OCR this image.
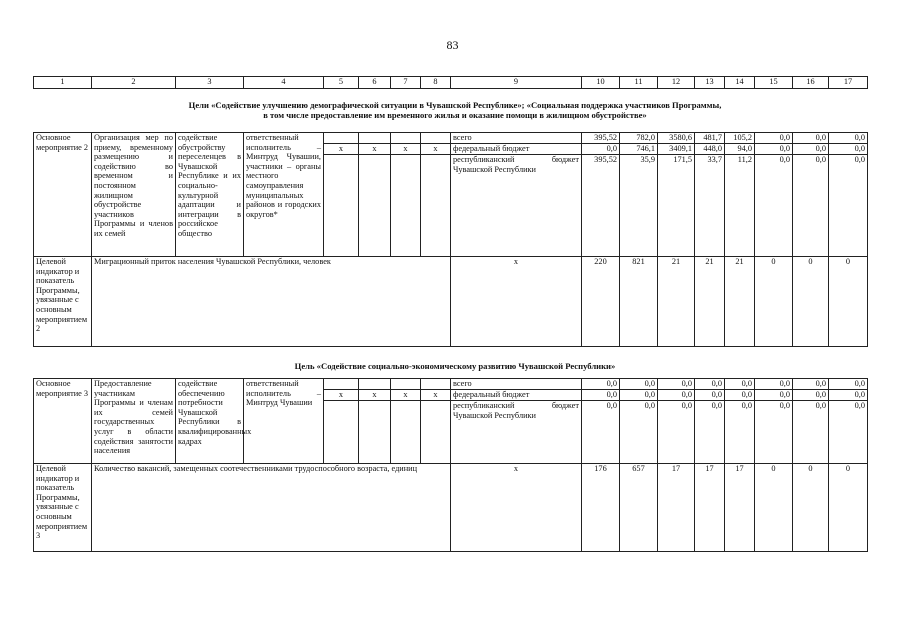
83
1	2	3	4	5	6	7	8	9	10	11	12	13	14	15	16	17
Цели «Содействие улучшению демографической ситуации в Чувашской Республике»; «Социальная поддержка участников Программы,
в том числе предоставление им временного жилья и оказание помощи в жилищном обустройстве»
Основное мероприятие 2	Организация мер по приему, временному размещению и содействию во временном и постоянном жилищном обустройстве участников Программы и членов их семей	содействие обустройству переселенцев в Чувашской Республике и их социально-культурной адаптации и интеграции в российское общество	ответственный исполнитель – Минтруд Чувашии, участники – органы местного самоуправления муниципальных районов и городских округов*					всего	395,52	782,0	3580,6	481,7	105,2	0,0	0,0	0,0
				x	x	x	x	федеральный бюджет	0,0	746,1	3409,1	448,0	94,0	0,0	0,0	0,0
								республиканский бюджет Чувашской Республики	395,52	35,9	171,5	33,7	11,2	0,0	0,0	0,0
Целевой индикатор и показатель Программы, увязанные с основным мероприятием 2	Миграционный приток населения Чувашской Республики, человек							x	220	821	21	21	21	0	0	0
Цель «Содействие социально-экономическому развитию Чувашской Республики»
Основное мероприятие 3	Предоставление участникам Программы и членам их семей государственных услуг в области содействия занятости населения	содействие обеспечению потребности Чувашской Республики в квалифицированных кадрах	ответственный исполнитель – Минтруд Чувашии					всего	0,0	0,0	0,0	0,0	0,0	0,0	0,0	0,0
				x	x	x	x	федеральный бюджет	0,0	0,0	0,0	0,0	0,0	0,0	0,0	0,0
								республиканский бюджет Чувашской Республики	0,0	0,0	0,0	0,0	0,0	0,0	0,0	0,0
Целевой индикатор и показатель Программы, увязанные с основным мероприятием 3	Количество вакансий, замещенных соотечественниками трудоспособного возраста, единиц							x	176	657	17	17	17	0	0	0
